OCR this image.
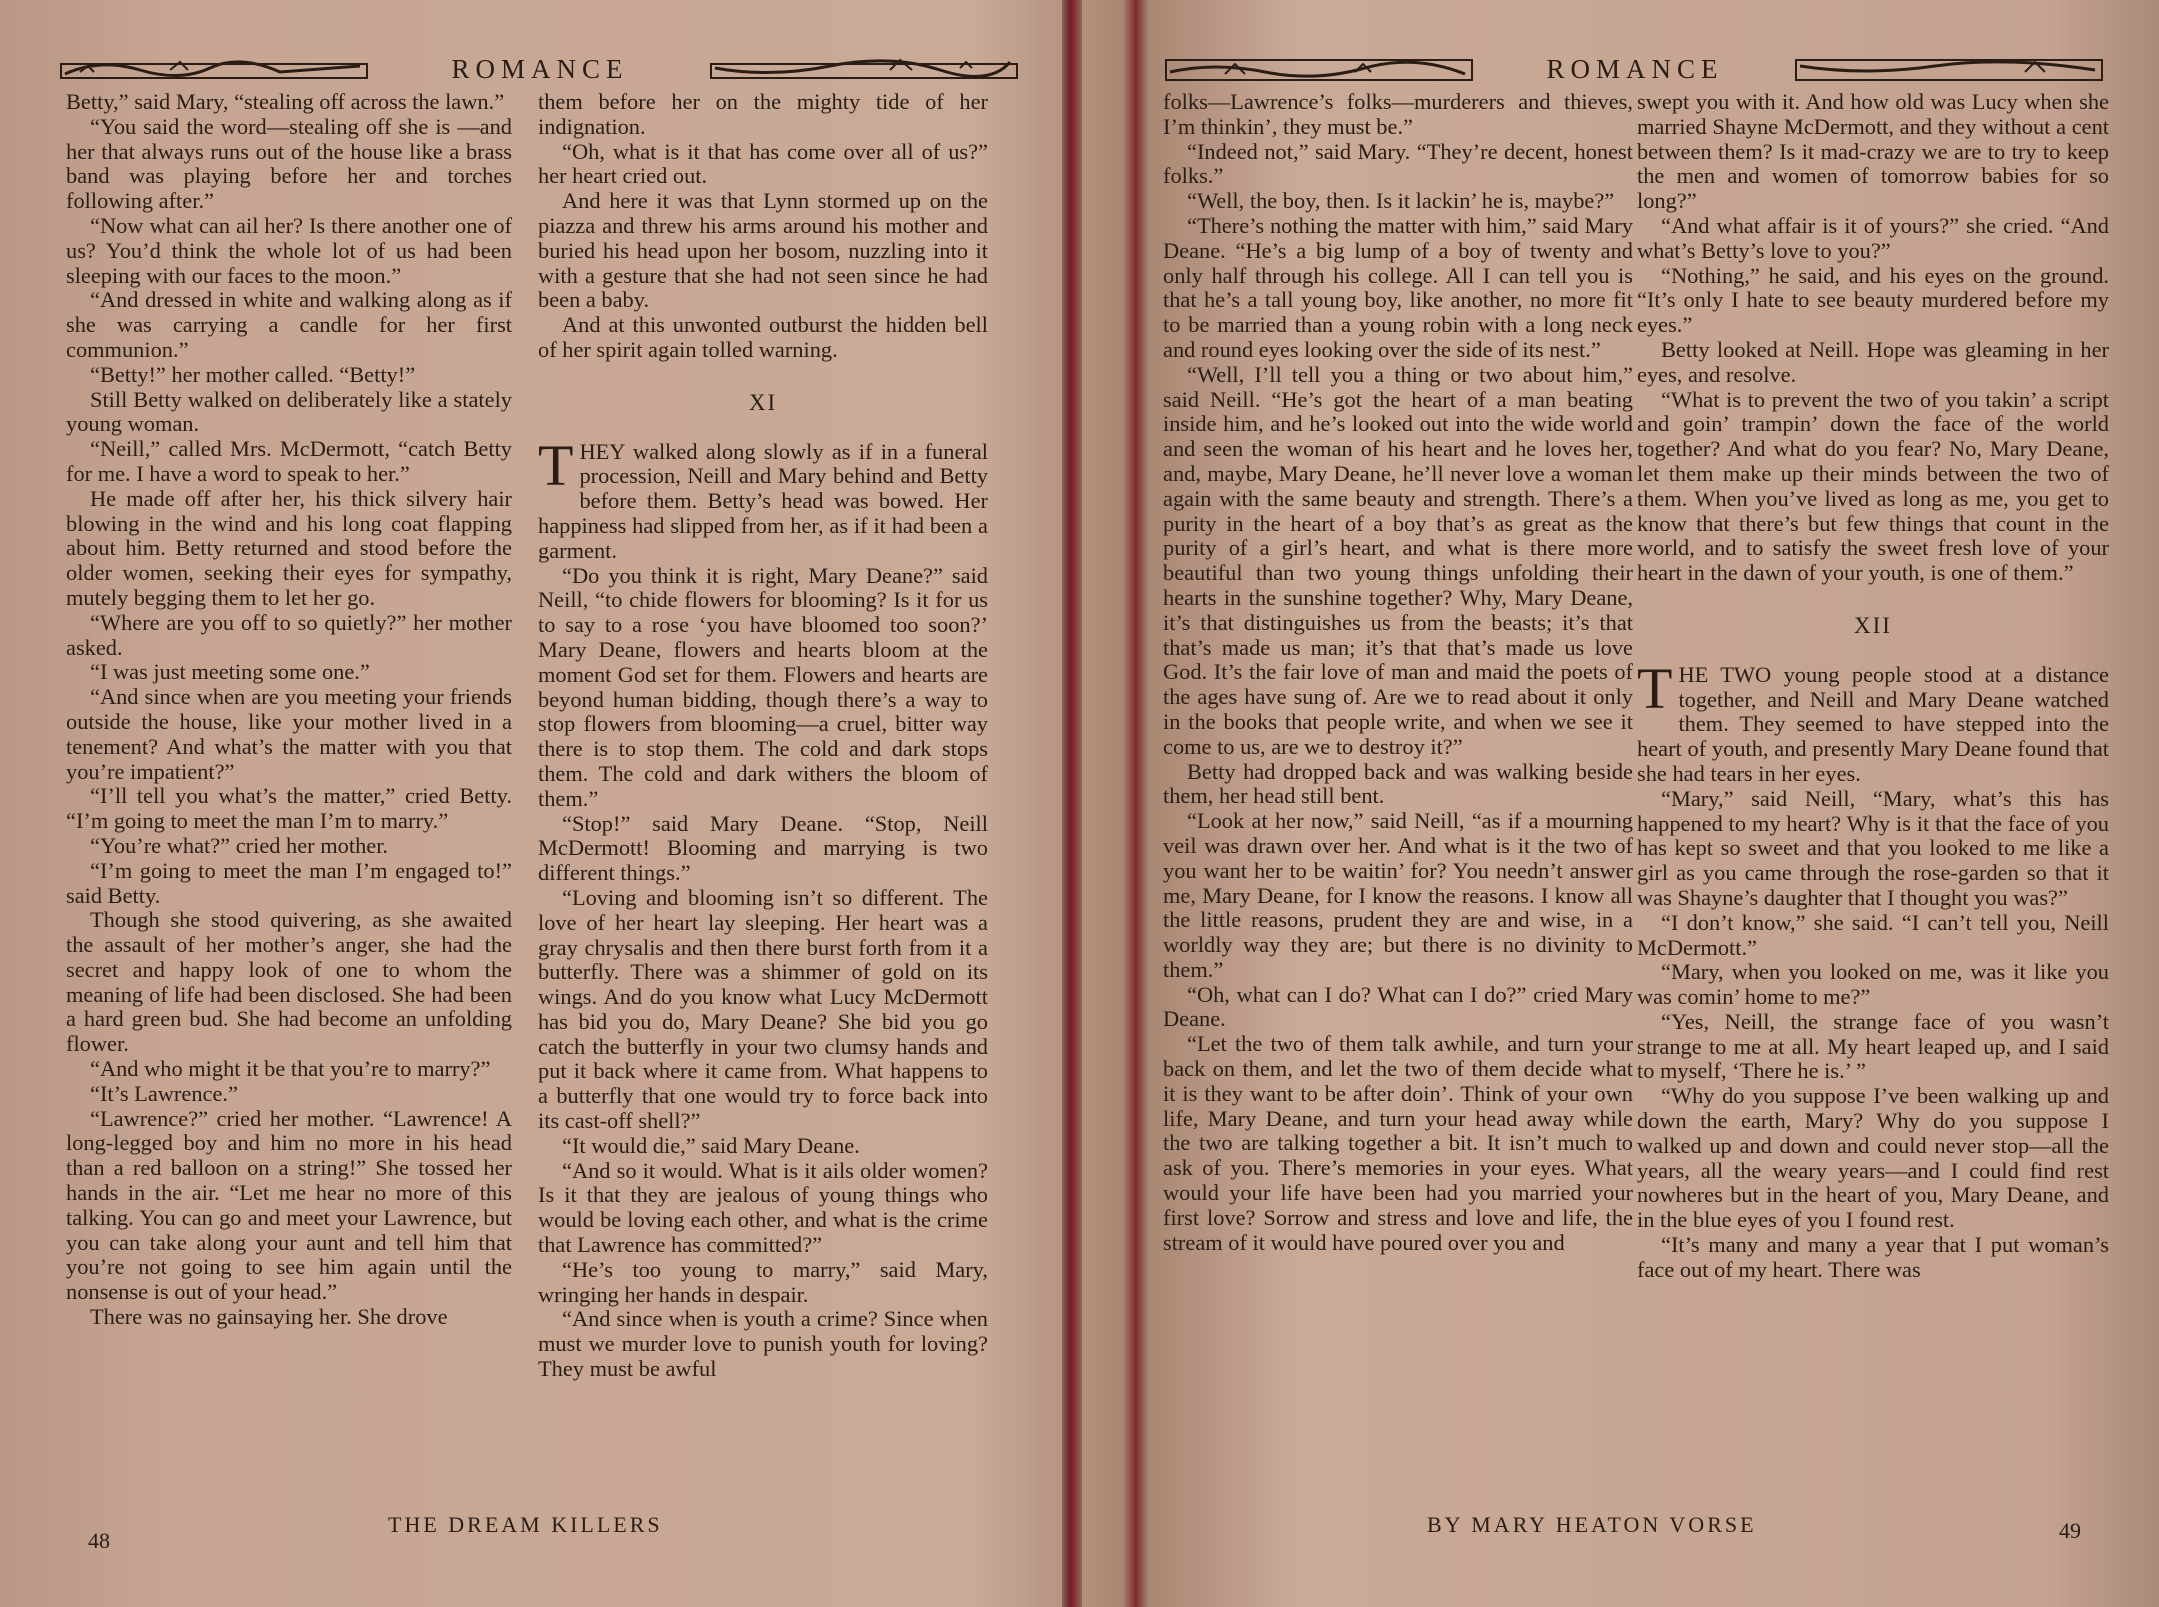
ROMANCE

Betty,” said Mary, “stealing off across the lawn.”

“You said the word—stealing off she is —and her that always runs out of the house like a brass band was playing before her and torches following after.”

“Now what can ail her? Is there another one of us? You’d think the whole lot of us had been sleeping with our faces to the moon.”

“And dressed in white and walking along as if she was carrying a candle for her first communion.”

“Betty!” her mother called. “Betty!”

Still Betty walked on deliberately like a stately young woman.

“Neill,” called Mrs. McDermott, “catch Betty for me. I have a word to speak to her.”

He made off after her, his thick silvery hair blowing in the wind and his long coat flapping about him. Betty returned and stood before the older women, seeking their eyes for sympathy, mutely begging them to let her go.

“Where are you off to so quietly?” her mother asked.

“I was just meeting some one.”

“And since when are you meeting your friends outside the house, like your mother lived in a tenement? And what’s the matter with you that you’re impatient?”

“I’ll tell you what’s the matter,” cried Betty. “I’m going to meet the man I’m to marry.”

“You’re what?” cried her mother.

“I’m going to meet the man I’m engaged to!” said Betty.

Though she stood quivering, as she awaited the assault of her mother’s anger, she had the secret and happy look of one to whom the meaning of life had been disclosed. She had been a hard green bud. She had become an unfolding flower.

“And who might it be that you’re to marry?”

“It’s Lawrence.”

“Lawrence?” cried her mother. “Lawrence! A long-legged boy and him no more in his head than a red balloon on a string!” She tossed her hands in the air. “Let me hear no more of this talking. You can go and meet your Lawrence, but you can take along your aunt and tell him that you’re not going to see him again until the nonsense is out of your head.”

There was no gainsaying her. She drove

them before her on the mighty tide of her indignation.

“Oh, what is it that has come over all of us?” her heart cried out.

And here it was that Lynn stormed up on the piazza and threw his arms around his mother and buried his head upon her bosom, nuzzling into it with a gesture that she had not seen since he had been a baby.

And at this unwonted outburst the hidden bell of her spirit again tolled warning.

XI

THEY walked along slowly as if in a funeral procession, Neill and Mary behind and Betty before them. Betty’s head was bowed. Her happiness had slipped from her, as if it had been a garment.

“Do you think it is right, Mary Deane?” said Neill, “to chide flowers for blooming? Is it for us to say to a rose ‘you have bloomed too soon?’ Mary Deane, flowers and hearts bloom at the moment God set for them. Flowers and hearts are beyond human bidding, though there’s a way to stop flowers from blooming—a cruel, bitter way there is to stop them. The cold and dark stops them. The cold and dark withers the bloom of them.”

“Stop!” said Mary Deane. “Stop, Neill McDermott! Blooming and marrying is two different things.”

“Loving and blooming isn’t so different. The love of her heart lay sleeping. Her heart was a gray chrysalis and then there burst forth from it a butterfly. There was a shimmer of gold on its wings. And do you know what Lucy McDermott has bid you do, Mary Deane? She bid you go catch the butterfly in your two clumsy hands and put it back where it came from. What happens to a butterfly that one would try to force back into its cast-off shell?”

“It would die,” said Mary Deane.

“And so it would. What is it ails older women? Is it that they are jealous of young things who would be loving each other, and what is the crime that Lawrence has committed?”

“He’s too young to marry,” said Mary, wringing her hands in despair.

“And since when is youth a crime? Since when must we murder love to punish youth for loving? They must be awful

48
THE DREAM KILLERS
ROMANCE

folks—Lawrence’s folks—murderers and thieves, I’m thinkin’, they must be.”

“Indeed not,” said Mary. “They’re decent, honest folks.”

“Well, the boy, then. Is it lackin’ he is, maybe?”

“There’s nothing the matter with him,” said Mary Deane. “He’s a big lump of a boy of twenty and only half through his college. All I can tell you is that he’s a tall young boy, like another, no more fit to be married than a young robin with a long neck and round eyes looking over the side of its nest.”

“Well, I’ll tell you a thing or two about him,” said Neill. “He’s got the heart of a man beating inside him, and he’s looked out into the wide world and seen the woman of his heart and he loves her, and, maybe, Mary Deane, he’ll never love a woman again with the same beauty and strength. There’s a purity in the heart of a boy that’s as great as the purity of a girl’s heart, and what is there more beautiful than two young things unfolding their hearts in the sunshine together? Why, Mary Deane, it’s that distinguishes us from the beasts; it’s that that’s made us man; it’s that that’s made us love God. It’s the fair love of man and maid the poets of the ages have sung of. Are we to read about it only in the books that people write, and when we see it come to us, are we to destroy it?”

Betty had dropped back and was walking beside them, her head still bent.

“Look at her now,” said Neill, “as if a mourning veil was drawn over her. And what is it the two of you want her to be waitin’ for? You needn’t answer me, Mary Deane, for I know the reasons. I know all the little reasons, prudent they are and wise, in a worldly way they are; but there is no divinity to them.”

“Oh, what can I do? What can I do?” cried Mary Deane.

“Let the two of them talk awhile, and turn your back on them, and let the two of them decide what it is they want to be after doin’. Think of your own life, Mary Deane, and turn your head away while the two are talking together a bit. It isn’t much to ask of you. There’s memories in your eyes. What would your life have been had you married your first love? Sorrow and stress and love and life, the stream of it would have poured over you and

swept you with it. And how old was Lucy when she married Shayne McDermott, and they without a cent between them? Is it mad-crazy we are to try to keep the men and women of tomorrow babies for so long?”

“And what affair is it of yours?” she cried. “And what’s Betty’s love to you?”

“Nothing,” he said, and his eyes on the ground. “It’s only I hate to see beauty murdered before my eyes.”

Betty looked at Neill. Hope was gleaming in her eyes, and resolve.

“What is to prevent the two of you takin’ a script and goin’ trampin’ down the face of the world together? And what do you fear? No, Mary Deane, let them make up their minds between the two of them. When you’ve lived as long as me, you get to know that there’s but few things that count in the world, and to satisfy the sweet fresh love of your heart in the dawn of your youth, is one of them.”

XII

THE TWO young people stood at a distance together, and Neill and Mary Deane watched them. They seemed to have stepped into the heart of youth, and presently Mary Deane found that she had tears in her eyes.

“Mary,” said Neill, “Mary, what’s this has happened to my heart? Why is it that the face of you has kept so sweet and that you looked to me like a girl as you came through the rose-garden so that it was Shayne’s daughter that I thought you was?”

“I don’t know,” she said. “I can’t tell you, Neill McDermott.”

“Mary, when you looked on me, was it like you was comin’ home to me?”

“Yes, Neill, the strange face of you wasn’t strange to me at all. My heart leaped up, and I said to myself, ‘There he is.’ ”

“Why do you suppose I’ve been walking up and down the earth, Mary? Why do you suppose I walked up and down and could never stop—all the years, all the weary years—and I could find rest nowheres but in the heart of you, Mary Deane, and in the blue eyes of you I found rest.

“It’s many and many a year that I put woman’s face out of my heart. There was

BY MARY HEATON VORSE	49
